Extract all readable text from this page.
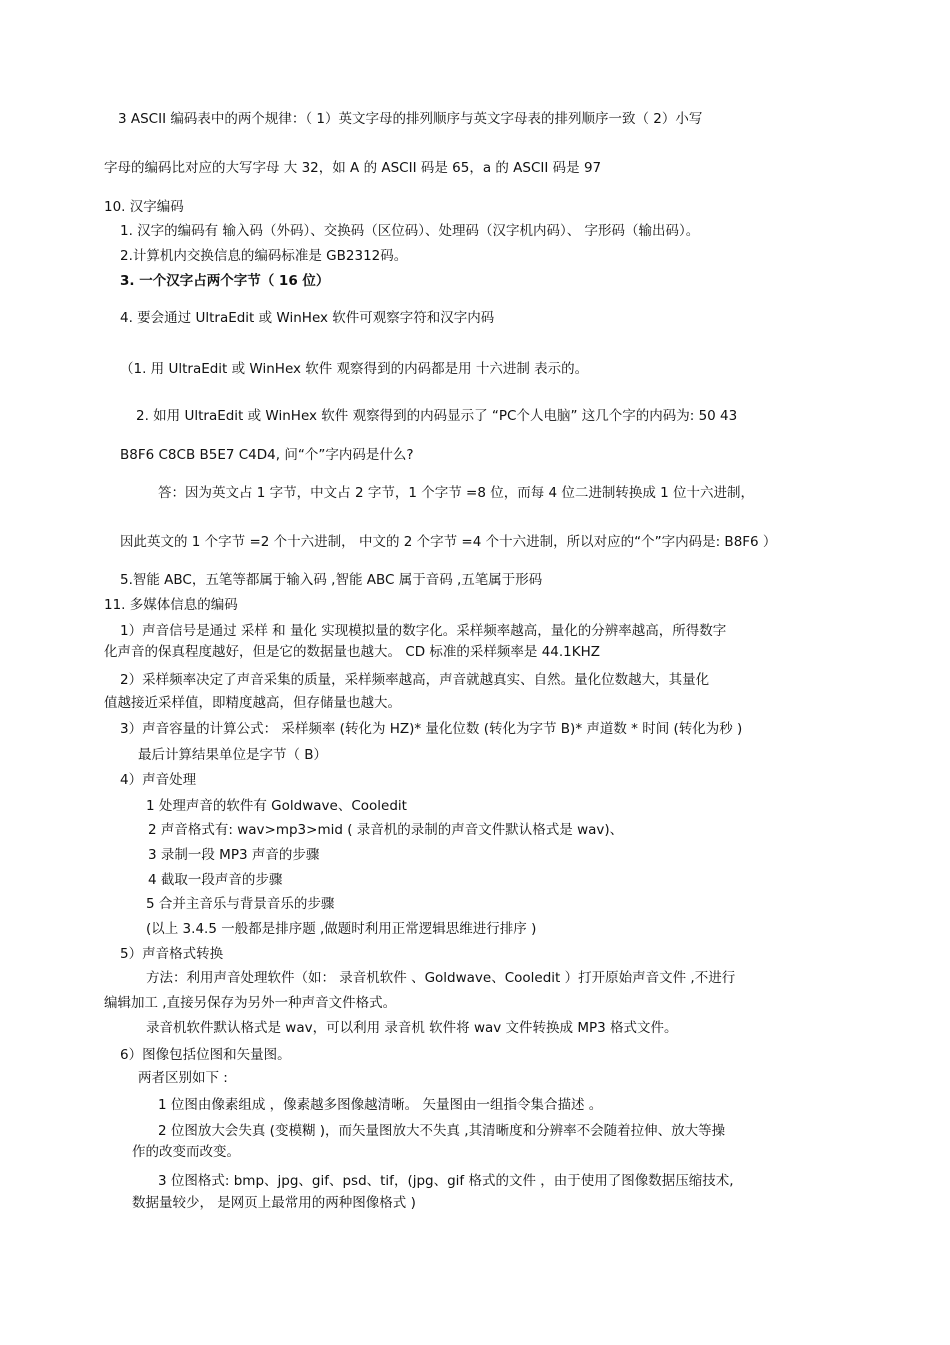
3 ASCII 编码表中的两个规律：（ 1）英文字母的排列顺序与英文字母表的排列顺序一致（ 2）小写
字母的编码比对应的大写字母 大 32，如 A 的 ASCII 码是 65，a 的 ASCII 码是 97
10. 汉字编码
1. 汉字的编码有 输入码（外码）、交换码（区位码）、处理码（汉字机内码）、 字形码（输出码）。
2.计算机内交换信息的编码标准是 GB2312码。
3. 一个汉字占两个字节（ 16 位）
4. 要会通过 UltraEdit 或 WinHex 软件可观察字符和汉字内码
（1. 用 UltraEdit 或 WinHex 软件 观察得到的内码都是用 十六进制 表示的。
2. 如用 UltraEdit 或 WinHex 软件 观察得到的内码显示了 “PC个人电脑” 这几个字的内码为: 50 43
B8F6 C8CB B5E7 C4D4, 问“个”字内码是什么?
答：因为英文占 1 字节，中文占 2 字节，1 个字节 =8 位，而每 4 位二进制转换成 1 位十六进制，
因此英文的 1 个字节 =2 个十六进制， 中文的 2 个字节 =4 个十六进制，所以对应的“个”字内码是: B8F6 ）
5.智能 ABC，五笔等都属于输入码 ,智能 ABC 属于音码 ,五笔属于形码
11. 多媒体信息的编码
1）声音信号是通过 采样 和 量化 实现模拟量的数字化。采样频率越高，量化的分辨率越高，所得数字
化声音的保真程度越好，但是它的数据量也越大。 CD 标准的采样频率是 44.1KHZ
2）采样频率决定了声音采集的质量，采样频率越高，声音就越真实、自然。量化位数越大，其量化
值越接近采样值，即精度越高，但存储量也越大。
3）声音容量的计算公式： 采样频率 (转化为 HZ)* 量化位数 (转化为字节 B)* 声道数 * 时间 (转化为秒 )
最后计算结果单位是字节（ B）
4）声音处理
1 处理声音的软件有 Goldwave、Cooledit
2 声音格式有: wav>mp3>mid ( 录音机的录制的声音文件默认格式是 wav)、
3 录制一段 MP3 声音的步骤
4 截取一段声音的步骤
5 合并主音乐与背景音乐的步骤
(以上 3.4.5 一般都是排序题 ,做题时利用正常逻辑思维进行排序 )
5）声音格式转换
方法：利用声音处理软件（如： 录音机软件 、Goldwave、Cooledit ）打开原始声音文件 ,不进行
编辑加工 ,直接另保存为另外一种声音文件格式。
录音机软件默认格式是 wav，可以利用 录音机 软件将 wav 文件转换成 MP3 格式文件。
6）图像包括位图和矢量图。
两者区别如下 :
1 位图由像素组成 ，像素越多图像越清晰。 矢量图由一组指令集合描述 。
2 位图放大会失真 (变模糊 )，而矢量图放大不失真 ,其清晰度和分辨率不会随着拉伸、放大等操
作的改变而改变。
3 位图格式: bmp、jpg、gif、psd、tif，(jpg、gif 格式的文件 ，由于使用了图像数据压缩技术,
数据量较少， 是网页上最常用的两种图像格式 )
